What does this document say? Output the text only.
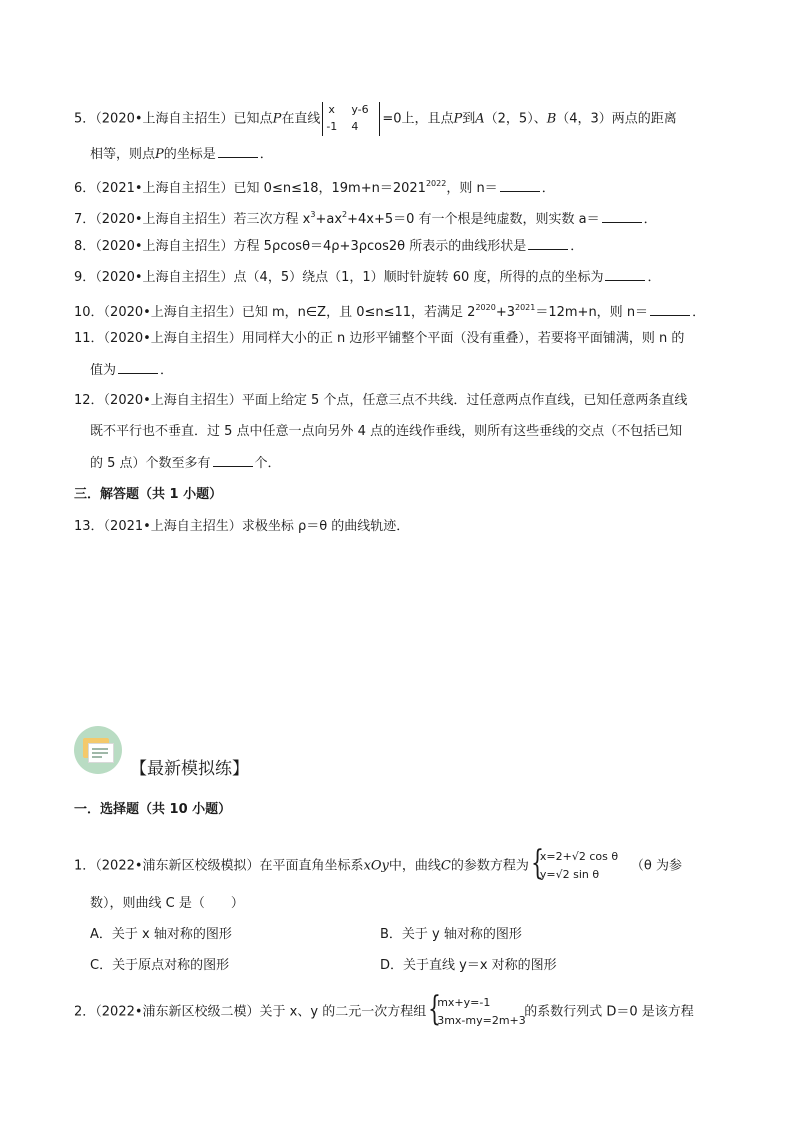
5．（2020•上海自主招生）已知点P在直线
x y-6
-1 4 =0上，且点P到A（2，5）、B（4，3）两点的距离
相等，则点P的坐标是	．
6．（2021•上海自主招生）已知 0≤n≤18，$19m+n=2021^{2022}$，则 n＝	．
7．（2020•上海自主招生）若三次方程 $x^3+ax^2+4x+5=0$ 有一个根是纯虚数，则实数 a＝	．
8．（2020•上海自主招生）方程 5ρcosθ＝4ρ+3ρcos2θ 所表示的曲线形状是	．
9．（2020•上海自主招生）点（4，5）绕点（1，1）顺时针旋转 60 度，所得的点的坐标为	．
10．（2020•上海自主招生）已知 m，n∈Z，且 0≤n≤11，若满足 $2^{2020}+3^{2021}=12m+n$，则 n＝	．
11．（2020•上海自主招生）用同样大小的正 n 边形平铺整个平面（没有重叠），若要将平面铺满，则 n 的
值为	．
12．（2020•上海自主招生）平面上给定 5 个点，任意三点不共线．过任意两点作直线，已知任意两条直线
既不平行也不垂直．过 5 点中任意一点向另外 4 点的连线作垂线，则所有这些垂线的交点（不包括已知
的 5 点）个数至多有	个．
三．解答题（共 1 小题）
13．（2021•上海自主招生）求极坐标 ρ＝θ 的曲线轨迹．
【最新模拟练】
一．选择题（共 10 小题）
1．（2022•浦东新区校级模拟）在平面直角坐标系xOy中，曲线C的参数方程为 {
x=2+√2 cos θ
y=√2 sin θ
（θ 为参
数），则曲线 C 是（　　）
A．关于 x 轴对称的图形	B．关于 y 轴对称的图形
C．关于原点对称的图形	D．关于直线 y＝x 对称的图形
2．（2022•浦东新区校级二模）关于 x、y 的二元一次方程组 {
mx+y=-1
3mx-my=2m+3
的系数行列式 D＝0 是该方程
